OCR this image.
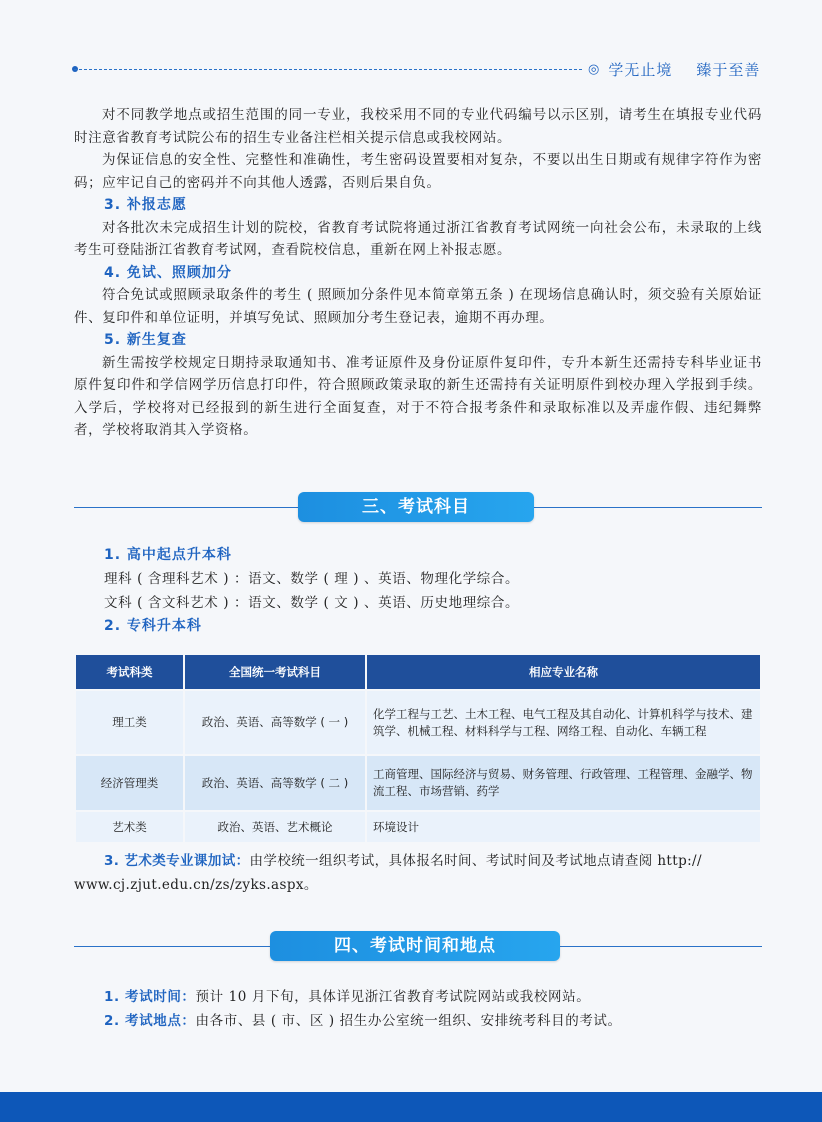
◎ 学无止境 臻于至善

对不同教学地点或招生范围的同一专业，我校采用不同的专业代码编号以示区别，请考生在填报专业代码时注意省教育考试院公布的招生专业备注栏相关提示信息或我校网站。

为保证信息的安全性、完整性和准确性，考生密码设置要相对复杂，不要以出生日期或有规律字符作为密码；应牢记自己的密码并不向其他人透露，否则后果自负。

3. 补报志愿

对各批次未完成招生计划的院校，省教育考试院将通过浙江省教育考试网统一向社会公布，未录取的上线考生可登陆浙江省教育考试网，查看院校信息，重新在网上补报志愿。

4. 免试、照顾加分

符合免试或照顾录取条件的考生 ( 照顾加分条件见本简章第五条 ) 在现场信息确认时，须交验有关原始证件、复印件和单位证明，并填写免试、照顾加分考生登记表，逾期不再办理。

5. 新生复查

新生需按学校规定日期持录取通知书、准考证原件及身份证原件复印件，专升本新生还需持专科毕业证书原件复印件和学信网学历信息打印件，符合照顾政策录取的新生还需持有关证明原件到校办理入学报到手续。入学后，学校将对已经报到的新生进行全面复查，对于不符合报考条件和录取标准以及弄虚作假、违纪舞弊者，学校将取消其入学资格。

三、考试科目
1. 高中起点升本科
理科 ( 含理科艺术 ) ：语文、数学 ( 理 ) 、英语、物理化学综合。
文科 ( 含文科艺术 ) ：语文、数学 ( 文 ) 、英语、历史地理综合。
2. 专科升本科
考试科类	全国统一考试科目	相应专业名称
理工类	政治、英语、高等数学 ( 一 )	化学工程与工艺、土木工程、电气工程及其自动化、计算机科学与技术、建筑学、机械工程、材料科学与工程、网络工程、自动化、车辆工程
经济管理类	政治、英语、高等数学 ( 二 )	工商管理、国际经济与贸易、财务管理、行政管理、工程管理、金融学、物流工程、市场营销、药学
艺术类	政治、英语、艺术概论	环境设计
3. 艺术类专业课加试：由学校统一组织考试，具体报名时间、考试时间及考试地点请查阅 http://
www.cj.zjut.edu.cn/zs/zyks.aspx。
四、考试时间和地点
1. 考试时间：预计 10 月下旬，具体详见浙江省教育考试院网站或我校网站。
2. 考试地点：由各市、县 ( 市、区 ) 招生办公室统一组织、安排统考科目的考试。
